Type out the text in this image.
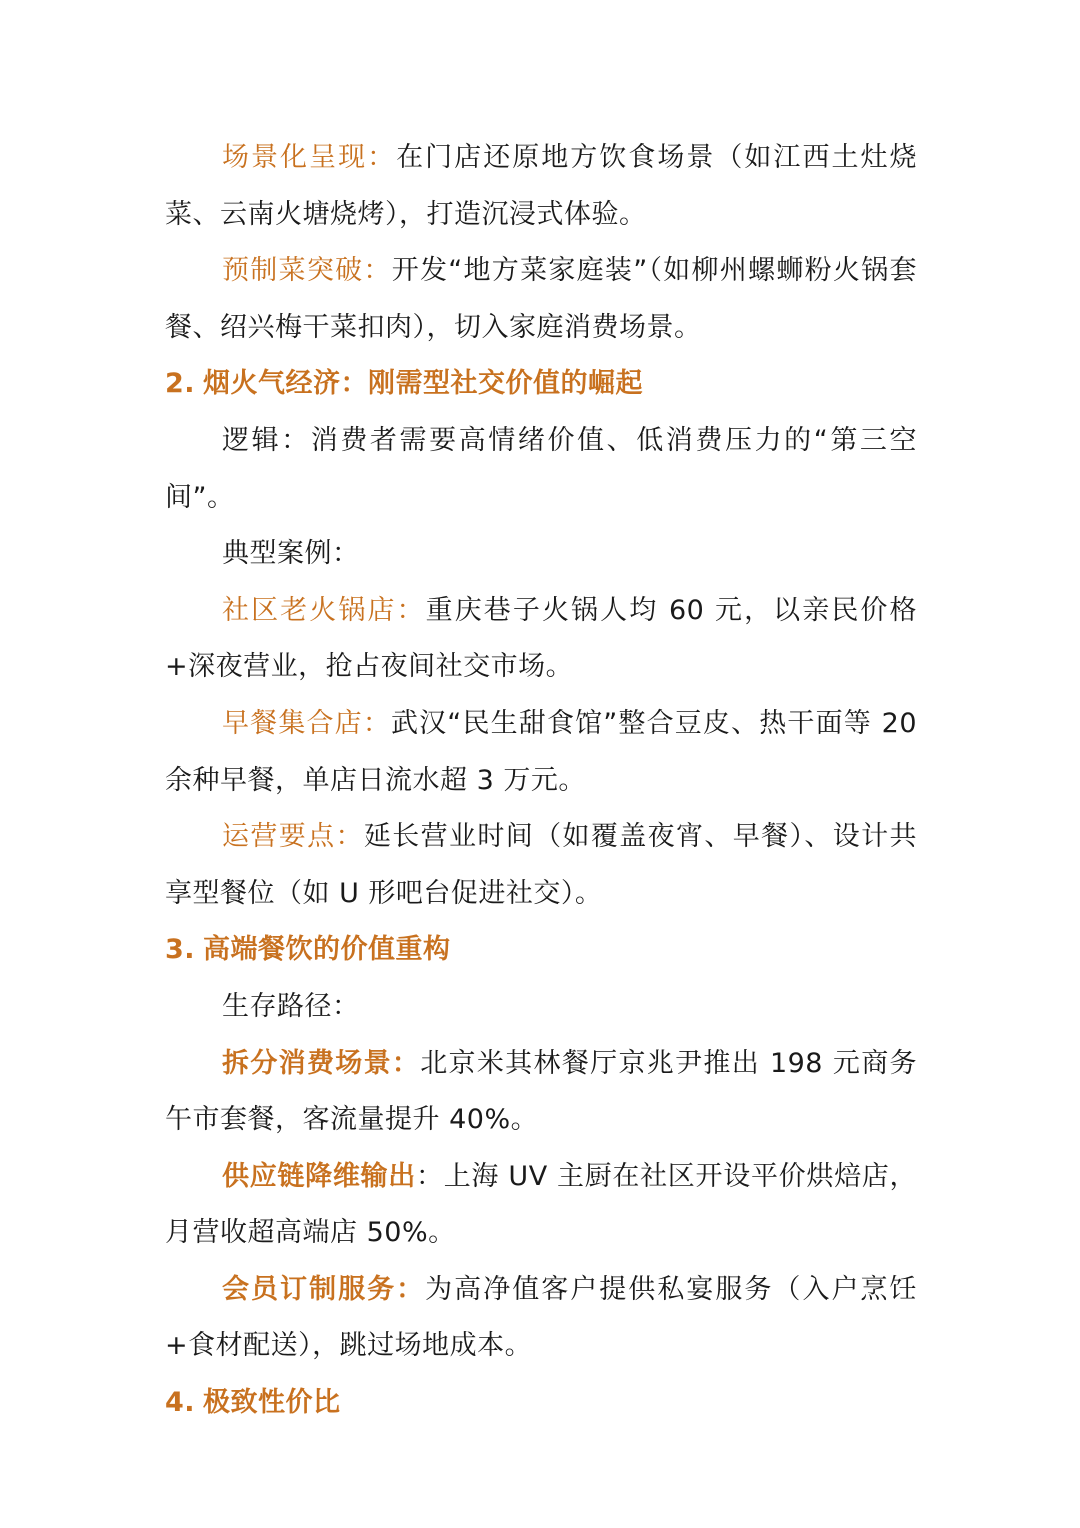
场景化呈现：在门店还原地方饮食场景（如江西土灶烧菜、云南火塘烧烤），打造沉浸式体验。

预制菜突破：开发“地方菜家庭装”（如柳州螺蛳粉火锅套餐、绍兴梅干菜扣肉），切入家庭消费场景。

2. 烟火气经济：刚需型社交价值的崛起

逻辑：消费者需要高情绪价值、低消费压力的“第三空间”。

典型案例：

社区老火锅店：重庆巷子火锅人均 60 元，以亲民价格+深夜营业，抢占夜间社交市场。

早餐集合店：武汉“民生甜食馆”整合豆皮、热干面等 20 余种早餐，单店日流水超 3 万元。

运营要点：延长营业时间（如覆盖夜宵、早餐）、设计共享型餐位（如 U 形吧台促进社交）。

3. 高端餐饮的价值重构

生存路径：

拆分消费场景：北京米其林餐厅京兆尹推出 198 元商务午市套餐，客流量提升 40%。

供应链降维输出：上海 UV 主厨在社区开设平价烘焙店，月营收超高端店 50%。

会员订制服务：为高净值客户提供私宴服务（入户烹饪+食材配送），跳过场地成本。

4. 极致性价比
